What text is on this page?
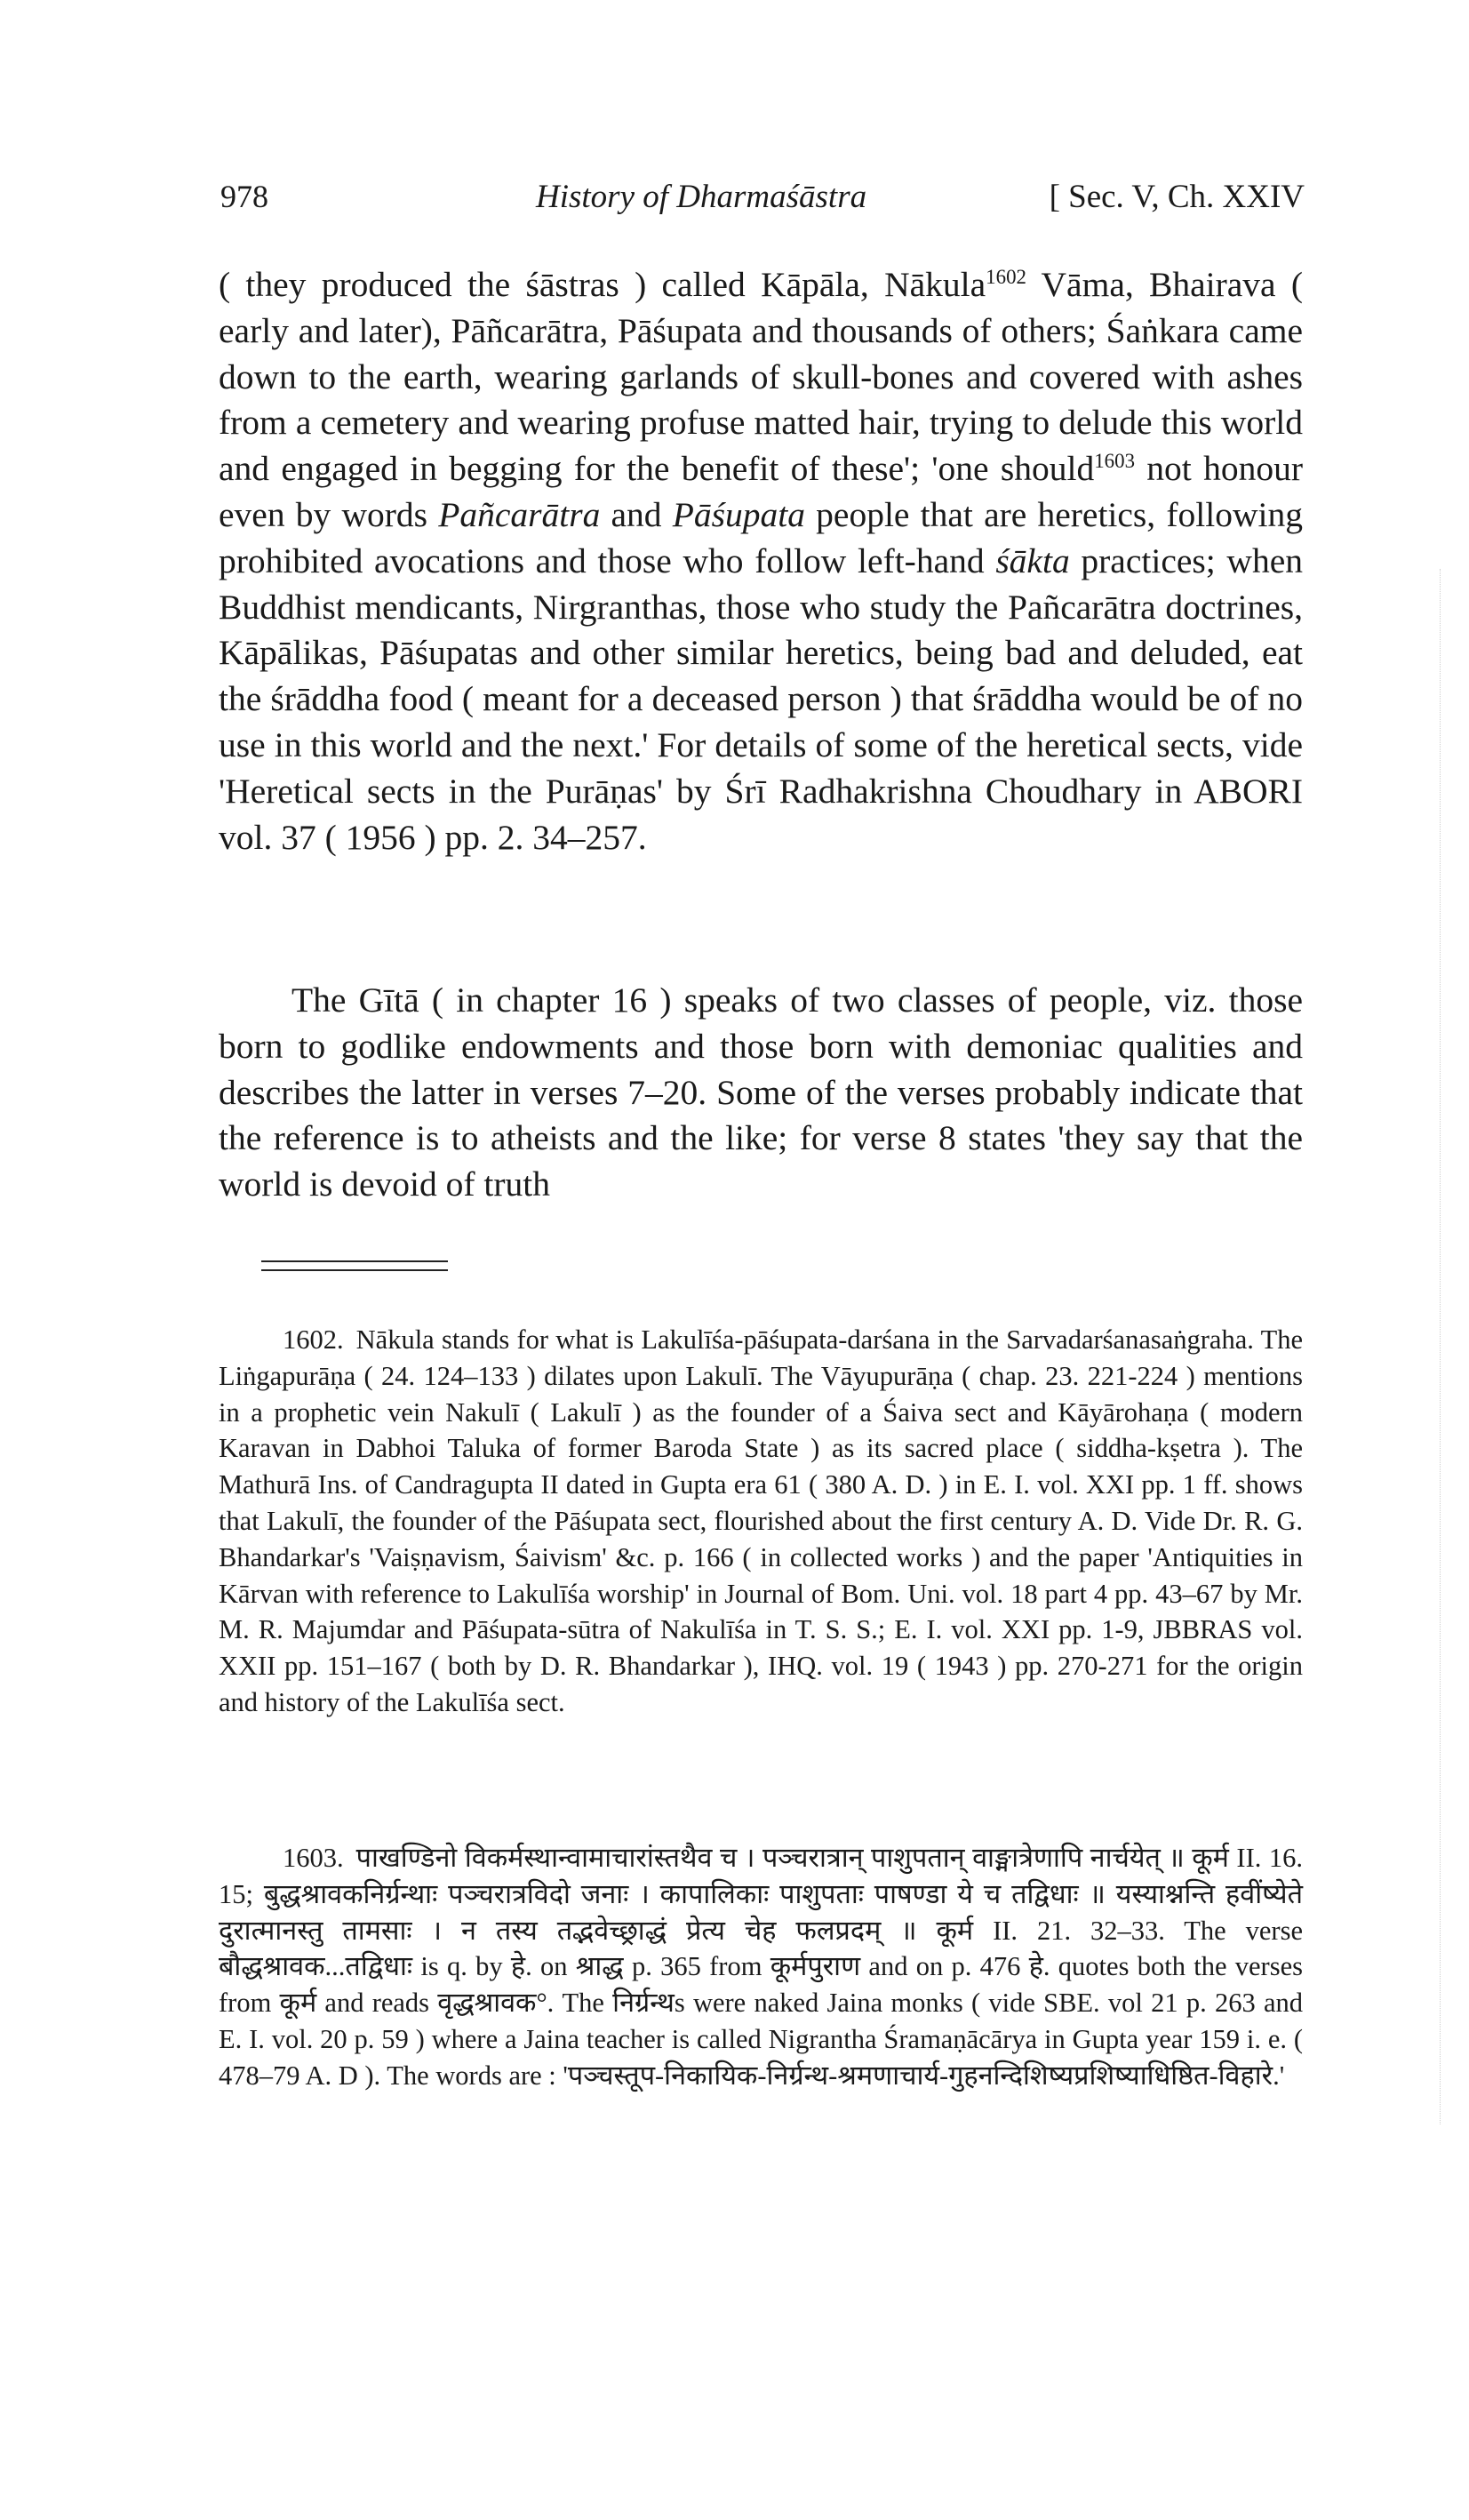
978	History of Dharmaśāstra	[ Sec. V, Ch. XXIV

( they produced the śāstras ) called Kāpāla, Nākula$^{1602}$ Vāma, Bhairava ( early and later), Pāñcarātra, Pāśupata and thousands of others; Śaṅkara came down to the earth, wearing garlands of skull-bones and covered with ashes from a cemetery and wearing profuse matted hair, trying to delude this world and engaged in begging for the benefit of these'; 'one should$^{1603}$ not honour even by words Pañcarātra and Pāśupata people that are heretics, following prohibited avocations and those who follow left-hand śākta practices; when Buddhist mendicants, Nirgranthas, those who study the Pañcarātra doctrines, Kāpālikas, Pāśupatas and other similar heretics, being bad and deluded, eat the śrāddha food ( meant for a deceased person ) that śrāddha would be of no use in this world and the next.' For details of some of the heretical sects, vide 'Heretical sects in the Purāṇas' by Śrī Radhakrishna Choudhary in ABORI vol. 37 ( 1956 ) pp. 2. 34–257.

The Gītā ( in chapter 16 ) speaks of two classes of people, viz. those born to godlike endowments and those born with demoniac qualities and describes the latter in verses 7–20. Some of the verses probably indicate that the reference is to atheists and the like; for verse 8 states 'they say that the world is devoid of truth

1602. Nākula stands for what is Lakulīśa-pāśupata-darśana in the Sarvadarśanasaṅgraha. The Liṅgapurāṇa ( 24. 124–133 ) dilates upon Lakulī. The Vāyupurāṇa ( chap. 23. 221-224 ) mentions in a prophetic vein Nakulī ( Lakulī ) as the founder of a Śaiva sect and Kāyārohaṇa ( modern Karavan in Dabhoi Taluka of former Baroda State ) as its sacred place ( siddha-kṣetra ). The Mathurā Ins. of Candragupta II dated in Gupta era 61 ( 380 A. D. ) in E. I. vol. XXI pp. 1 ff. shows that Lakulī, the founder of the Pāśupata sect, flourished about the first century A. D. Vide Dr. R. G. Bhandarkar's 'Vaiṣṇavism, Śaivism' &c. p. 166 ( in collected works ) and the paper 'Antiquities in Kārvan with reference to Lakulīśa worship' in Journal of Bom. Uni. vol. 18 part 4 pp. 43–67 by Mr. M. R. Majumdar and Pāśupata-sūtra of Nakulīśa in T. S. S.; E. I. vol. XXI pp. 1-9, JBBRAS vol. XXII pp. 151–167 ( both by D. R. Bhandarkar ), IHQ. vol. 19 ( 1943 ) pp. 270-271 for the origin and history of the Lakulīśa sect.

1603. पाखण्डिनो विकर्मस्थान्वामाचारांस्तथैव च । पञ्चरात्रान् पाशुपतान् वाङ्मात्रेणापि नार्चयेत् ॥ कूर्म II. 16. 15; बुद्धश्रावकनिर्ग्रन्थाः पञ्चरात्रविदो जनाः । कापालिकाः पाशुपताः पाषण्डा ये च तद्विधाः ॥ यस्याश्नन्ति हवींष्येते दुरात्मानस्तु तामसाः । न तस्य तद्भवेच्छ्राद्धं प्रेत्य चेह फलप्रदम् ॥ कूर्म II. 21. 32–33. The verse बौद्धश्रावक...तद्विधाः is q. by हे. on श्राद्ध p. 365 from कूर्मपुराण and on p. 476 हे. quotes both the verses from कूर्म and reads वृद्धश्रावक°. The निर्ग्रन्थs were naked Jaina monks ( vide SBE. vol 21 p. 263 and E. I. vol. 20 p. 59 ) where a Jaina teacher is called Nigrantha Śramaṇācārya in Gupta year 159 i. e. ( 478–79 A. D ). The words are : 'पञ्चस्तूप-निकायिक-निर्ग्रन्थ-श्रमणाचार्य-गुहनन्दिशिष्यप्रशिष्याधिष्ठित-विहारे.'
